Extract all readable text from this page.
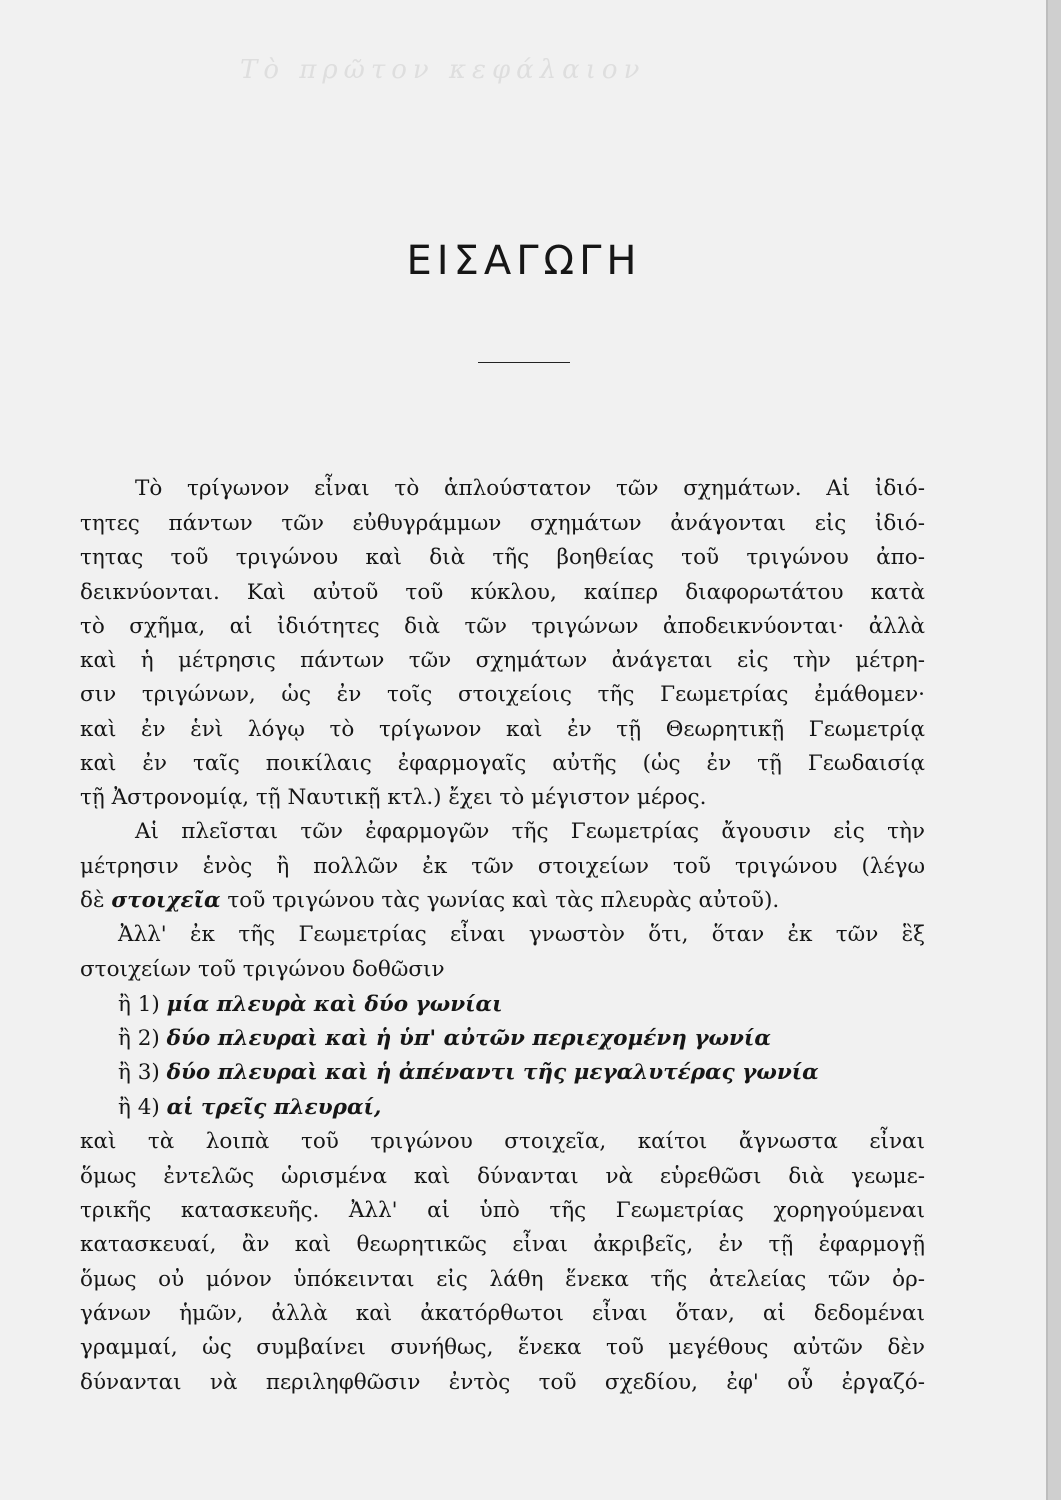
Τὸ πρῶτον κεφάλαιον
ΕΙΣΑΓΩΓΗ
Τὸ τρίγωνον εἶναι τὸ ἁπλούστατον τῶν σχημάτων. Αἱ ἰδιό-
τητες πάντων τῶν εὐθυγράμμων σχημάτων ἀνάγονται εἰς ἰδιό-
τητας τοῦ τριγώνου καὶ διὰ τῆς βοηθείας τοῦ τριγώνου ἀπο-
δεικνύονται. Καὶ αὐτοῦ τοῦ κύκλου, καίπερ διαφορωτάτου κατὰ
τὸ σχῆμα, αἱ ἰδιότητες διὰ τῶν τριγώνων ἀποδεικνύονται· ἀλλὰ
καὶ ἡ μέτρησις πάντων τῶν σχημάτων ἀνάγεται εἰς τὴν μέτρη-
σιν τριγώνων, ὡς ἐν τοῖς στοιχείοις τῆς Γεωμετρίας ἐμάθομεν·
καὶ ἐν ἑνὶ λόγῳ τὸ τρίγωνον καὶ ἐν τῇ Θεωρητικῇ Γεωμετρίᾳ
καὶ ἐν ταῖς ποικίλαις ἐφαρμογαῖς αὐτῆς (ὡς ἐν τῇ Γεωδαισίᾳ
τῇ Ἀστρονομίᾳ, τῇ Ναυτικῇ κτλ.) ἔχει τὸ μέγιστον μέρος.
Αἱ πλεῖσται τῶν ἐφαρμογῶν τῆς Γεωμετρίας ἄγουσιν εἰς τὴν
μέτρησιν ἑνὸς ἢ πολλῶν ἐκ τῶν στοιχείων τοῦ τριγώνου (λέγω
δὲ στοιχεῖα τοῦ τριγώνου τὰς γωνίας καὶ τὰς πλευρὰς αὐτοῦ).
Ἀλλ' ἐκ τῆς Γεωμετρίας εἶναι γνωστὸν ὅτι, ὅταν ἐκ τῶν ἓξ
στοιχείων τοῦ τριγώνου δοθῶσιν
ἢ 1) μία πλευρὰ καὶ δύο γωνίαι
ἢ 2) δύο πλευραὶ καὶ ἡ ὑπ' αὐτῶν περιεχομένη γωνία
ἢ 3) δύο πλευραὶ καὶ ἡ ἀπέναντι τῆς μεγαλυτέρας γωνία
ἢ 4) αἱ τρεῖς πλευραί,
καὶ τὰ λοιπὰ τοῦ τριγώνου στοιχεῖα, καίτοι ἄγνωστα εἶναι
ὅμως ἐντελῶς ὡρισμένα καὶ δύνανται νὰ εὑρεθῶσι διὰ γεωμε-
τρικῆς κατασκευῆς. Ἀλλ' αἱ ὑπὸ τῆς Γεωμετρίας χορηγούμεναι
κατασκευαί, ἂν καὶ θεωρητικῶς εἶναι ἀκριβεῖς, ἐν τῇ ἐφαρμογῇ
ὅμως οὐ μόνον ὑπόκεινται εἰς λάθη ἕνεκα τῆς ἀτελείας τῶν ὀρ-
γάνων ἡμῶν, ἀλλὰ καὶ ἀκατόρθωτοι εἶναι ὅταν, αἱ δεδομέναι
γραμμαί, ὡς συμβαίνει συνήθως, ἕνεκα τοῦ μεγέθους αὐτῶν δὲν
δύνανται νὰ περιληφθῶσιν ἐντὸς τοῦ σχεδίου, ἐφ' οὗ ἐργαζό-
